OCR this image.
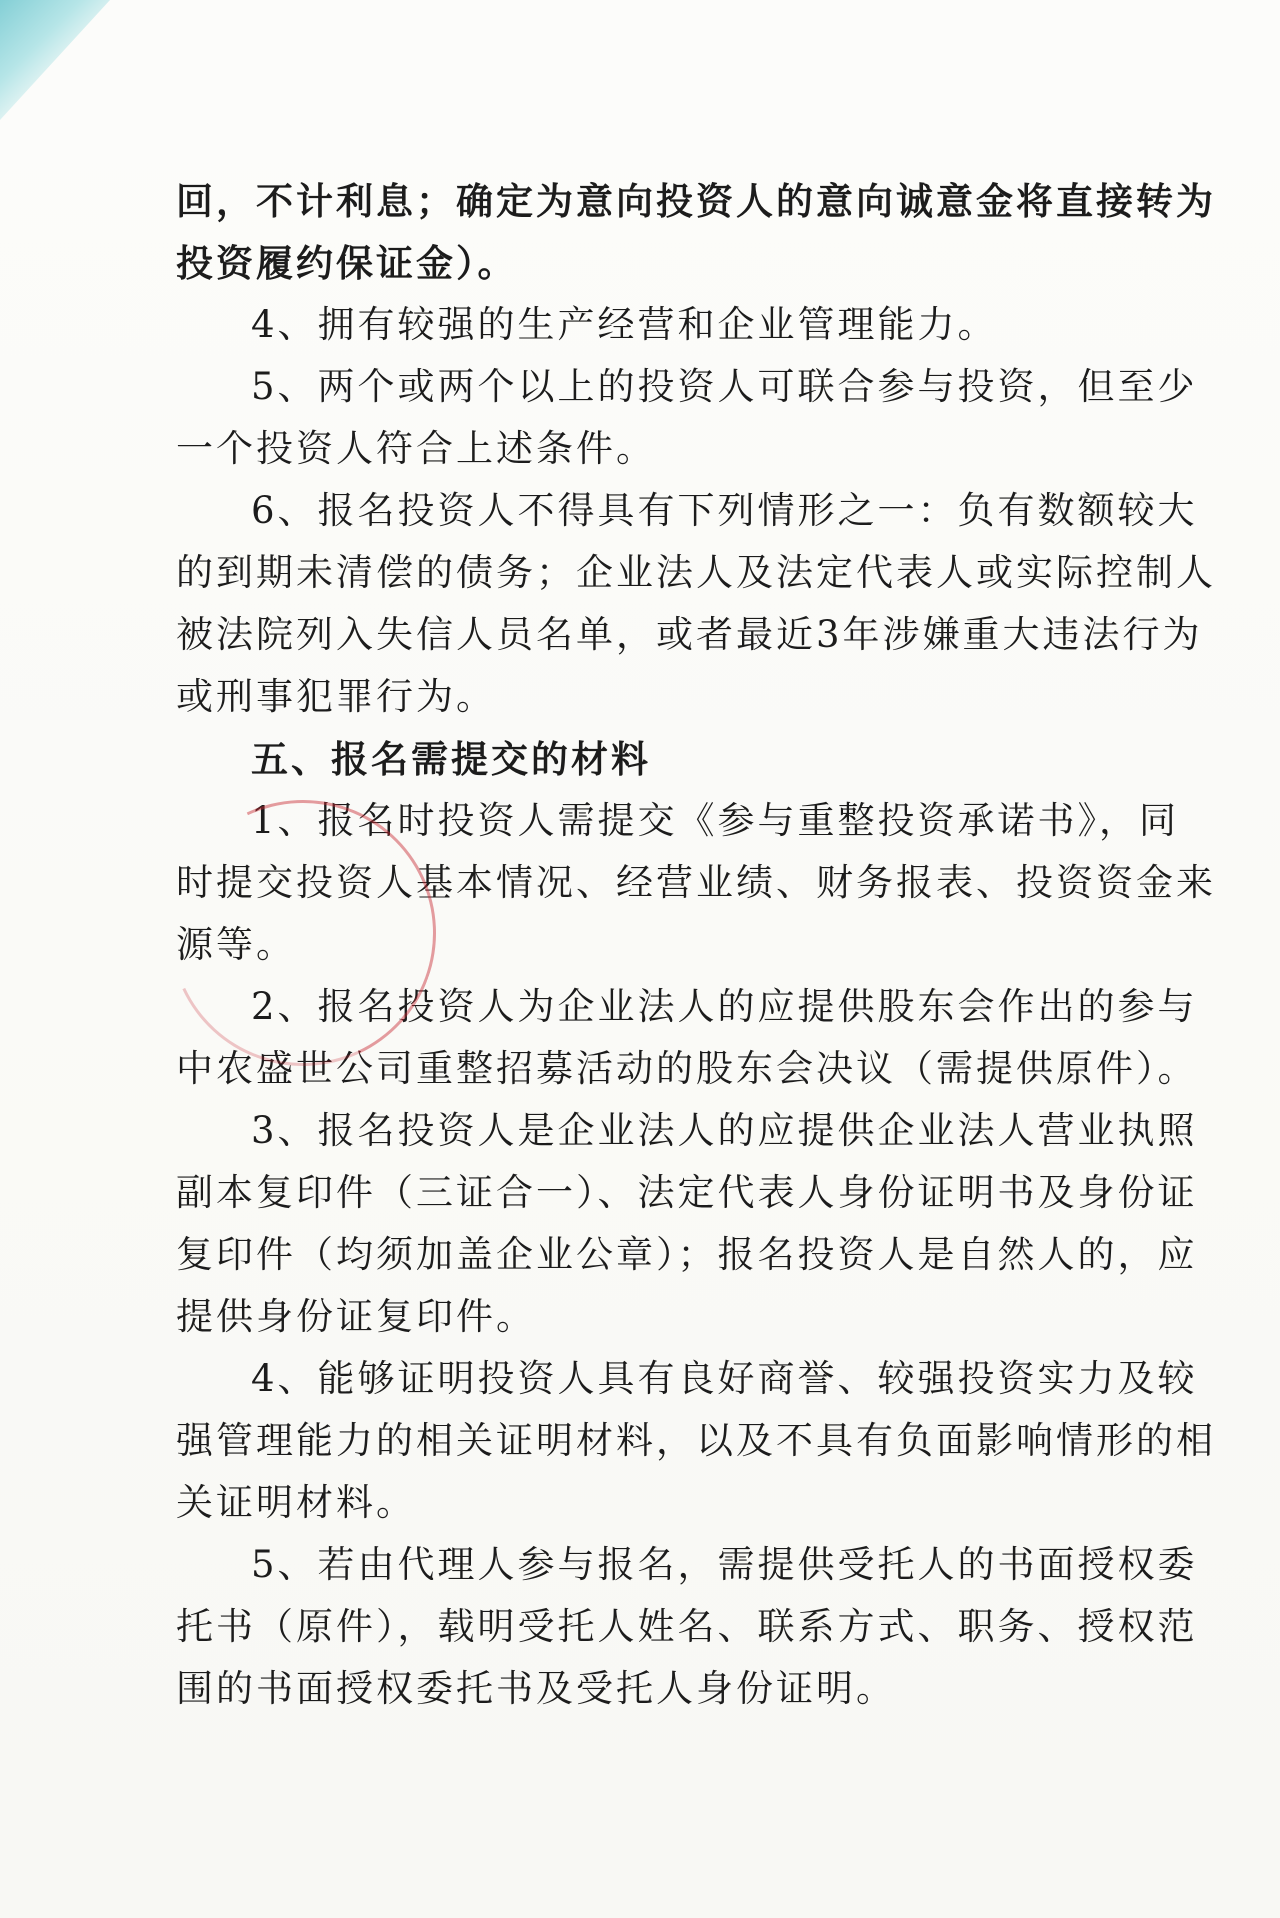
回，不计利息；确定为意向投资人的意向诚意金将直接转为

投资履约保证金）。

4、拥有较强的生产经营和企业管理能力。

5、两个或两个以上的投资人可联合参与投资，但至少

一个投资人符合上述条件。

6、报名投资人不得具有下列情形之一：负有数额较大

的到期未清偿的债务；企业法人及法定代表人或实际控制人

被法院列入失信人员名单，或者最近3年涉嫌重大违法行为

或刑事犯罪行为。

五、报名需提交的材料

1、报名时投资人需提交《参与重整投资承诺书》，同

时提交投资人基本情况、经营业绩、财务报表、投资资金来

源等。

2、报名投资人为企业法人的应提供股东会作出的参与

中农盛世公司重整招募活动的股东会决议（需提供原件）。

3、报名投资人是企业法人的应提供企业法人营业执照

副本复印件（三证合一）、法定代表人身份证明书及身份证

复印件（均须加盖企业公章）；报名投资人是自然人的，应

提供身份证复印件。

4、能够证明投资人具有良好商誉、较强投资实力及较

强管理能力的相关证明材料，以及不具有负面影响情形的相

关证明材料。

5、若由代理人参与报名，需提供受托人的书面授权委

托书（原件），载明受托人姓名、联系方式、职务、授权范

围的书面授权委托书及受托人身份证明。
